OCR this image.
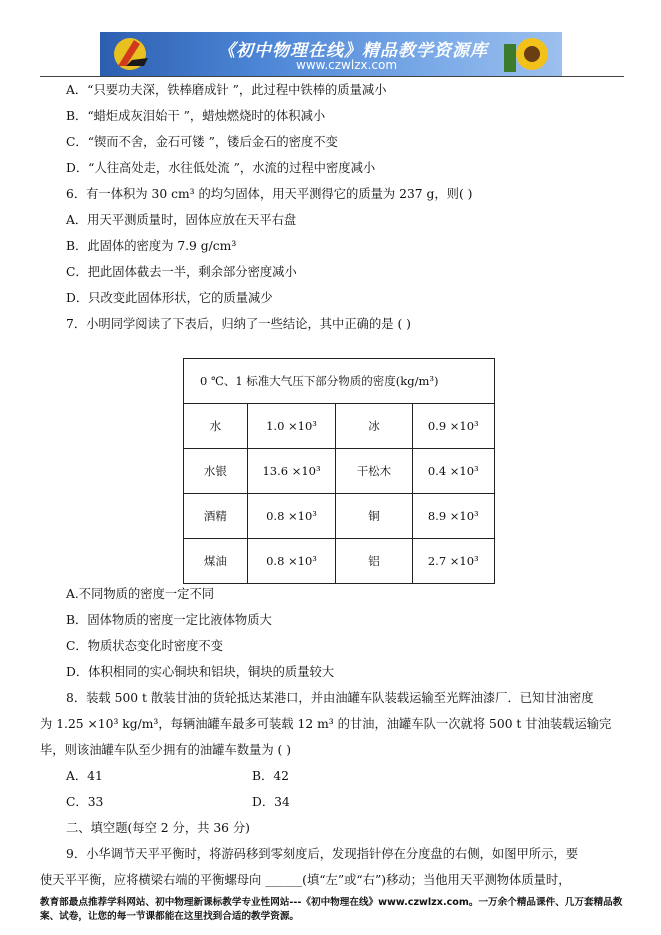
《初中物理在线》精品教学资源库
www.czwlzx.com
A．“只要功夫深，铁棒磨成针 ”，此过程中铁棒的质量减小
B．“蜡炬成灰泪始干 ”，蜡烛燃烧时的体积减小
C．“锲而不舍，金石可镂 ”，镂后金石的密度不变
D．“人往高处走，水往低处流 ”，水流的过程中密度减小
6．有一体积为 30 cm³ 的均匀固体，用天平测得它的质量为 237 g，则( )
A．用天平测质量时，固体应放在天平右盘
B．此固体的密度为 7.9 g/cm³
C．把此固体截去一半，剩余部分密度减小
D．只改变此固体形状，它的质量减少
7．小明同学阅读了下表后，归纳了一些结论，其中正确的是 ( )
0 ℃、1 标准大气压下部分物质的密度(kg/m³)			
水	1.0 ×10³	冰	0.9 ×10³
水银	13.6 ×10³	干松木	0.4 ×10³
酒精	0.8 ×10³	铜	8.9 ×10³
煤油	0.8 ×10³	铝	2.7 ×10³
A.不同物质的密度一定不同
B．固体物质的密度一定比液体物质大
C．物质状态变化时密度不变
D．体积相同的实心铜块和铝块，铜块的质量较大
8．装载 500 t 散装甘油的货轮抵达某港口，并由油罐车队装载运输至光辉油漆厂．已知甘油密度
为 1.25 ×10³ kg/m³，每辆油罐车最多可装载 12 m³ 的甘油，油罐车队一次就将 500 t 甘油装载运输完
毕，则该油罐车队至少拥有的油罐车数量为 ( )
A．41	B．42
C．33	D．34
二、填空题(每空 2 分，共 36 分)
9．小华调节天平平衡时，将游码移到零刻度后，发现指针停在分度盘的右侧，如图甲所示，要
使天平平衡，应将横梁右端的平衡螺母向 ______(填“左”或“右”)移动；当他用天平测物体质量时，
教育部最点推荐学科网站、初中物理新课标教学专业性网站---《初中物理在线》www.czwlzx.com。一万余个精品课件、几万套精品教
案、试卷，让您的每一节课都能在这里找到合适的教学资源。
